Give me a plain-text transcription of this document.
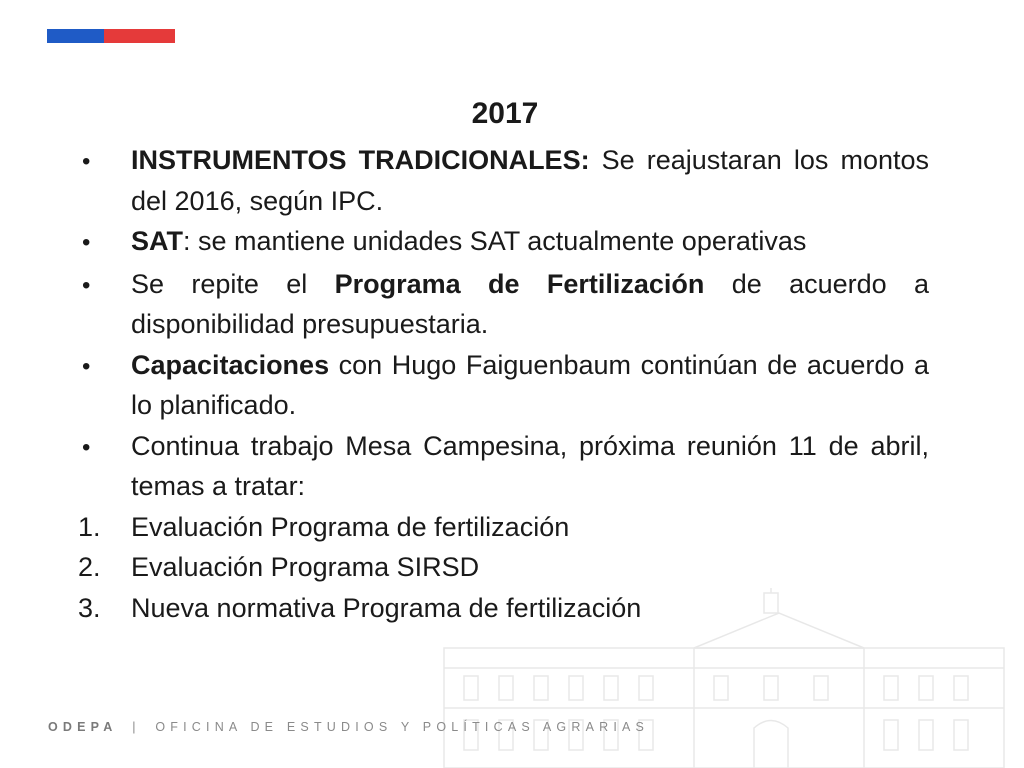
2017
•	INSTRUMENTOS TRADICIONALES: Se reajustaran los montos del 2016, según IPC.
•	SAT: se mantiene unidades SAT actualmente operativas
•	Se repite el Programa de Fertilización de acuerdo a disponibilidad presupuestaria.
•	Capacitaciones con Hugo Faiguenbaum continúan de acuerdo a lo planificado.
•	Continua trabajo Mesa Campesina, próxima reunión 11 de abril, temas a tratar:
1.	Evaluación Programa de fertilización
2.	Evaluación Programa SIRSD
3.	Nueva normativa Programa de fertilización
ODEPA | OFICINA DE ESTUDIOS Y POLÍTICAS AGRARIAS
